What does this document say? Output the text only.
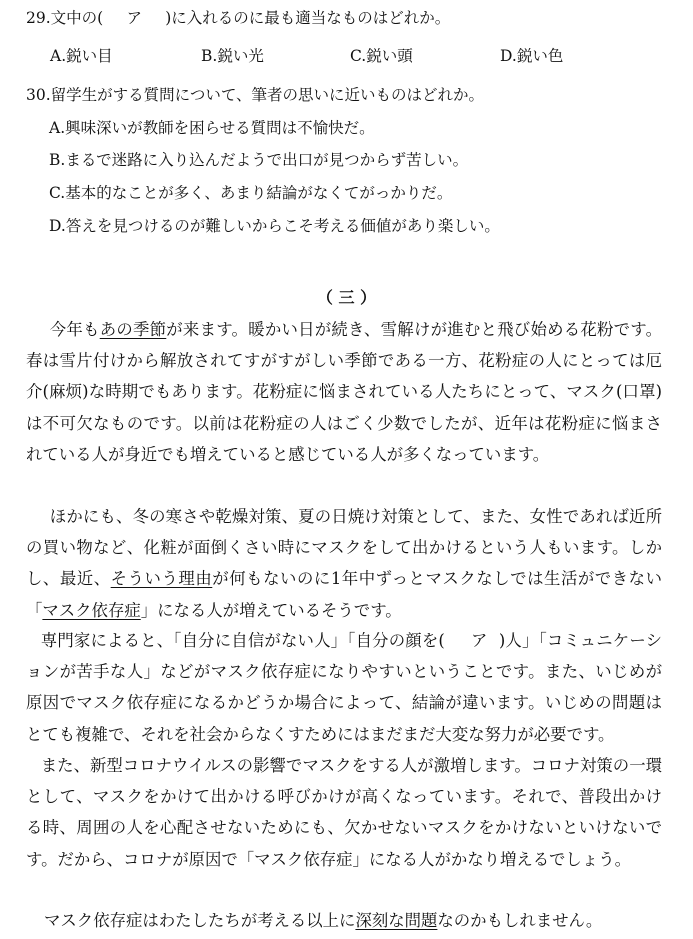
29.文中の( ア )に入れるのに最も適当なものはどれか。
A.鋭い目	B.鋭い光	C.鋭い頭	D.鋭い色
30.留学生がする質問について、筆者の思いに近いものはどれか。
A.興味深いが教師を困らせる質問は不愉快だ。
B.まるで迷路に入り込んだようで出口が見つからず苦しい。
C.基本的なことが多く、あまり結論がなくてがっかりだ。
D.答えを見つけるのが難しいからこそ考える価値があり楽しい。
（ 三 ）
今年もあの季節が来ます。暖かい日が続き、雪解けが進むと飛び始める花粉です。春は雪片付けから解放されてすがすがしい季節である一方、花粉症の人にとっては厄介(麻烦)な時期でもあります。花粉症に悩まされている人たちにとって、マスク(口罩)は不可欠なものです。以前は花粉症の人はごく少数でしたが、近年は花粉症に悩まされている人が身近でも増えていると感じている人が多くなっています。
ほかにも、冬の寒さや乾燥対策、夏の日焼け対策として、また、女性であれば近所の買い物など、化粧が面倒くさい時にマスクをして出かけるという人もいます。しかし、最近、そういう理由が何もないのに1年中ずっとマスクなしでは生活ができない「マスク依存症」になる人が増えているそうです。
専門家によると、「自分に自信がない人」「自分の顔を( ア )人」「コミュニケーションが苦手な人」などがマスク依存症になりやすいということです。また、いじめが原因でマスク依存症になるかどうか場合によって、結論が違います。いじめの問題はとても複雑で、それを社会からなくすためにはまだまだ大変な努力が必要です。
また、新型コロナウイルスの影響でマスクをする人が激増します。コロナ対策の一環として、マスクをかけて出かける呼びかけが高くなっています。それで、普段出かける時、周囲の人を心配させないためにも、欠かせないマスクをかけないといけないです。だから、コロナが原因で「マスク依存症」になる人がかなり増えるでしょう。
マスク依存症はわたしたちが考える以上に深刻な問題なのかもしれません。
